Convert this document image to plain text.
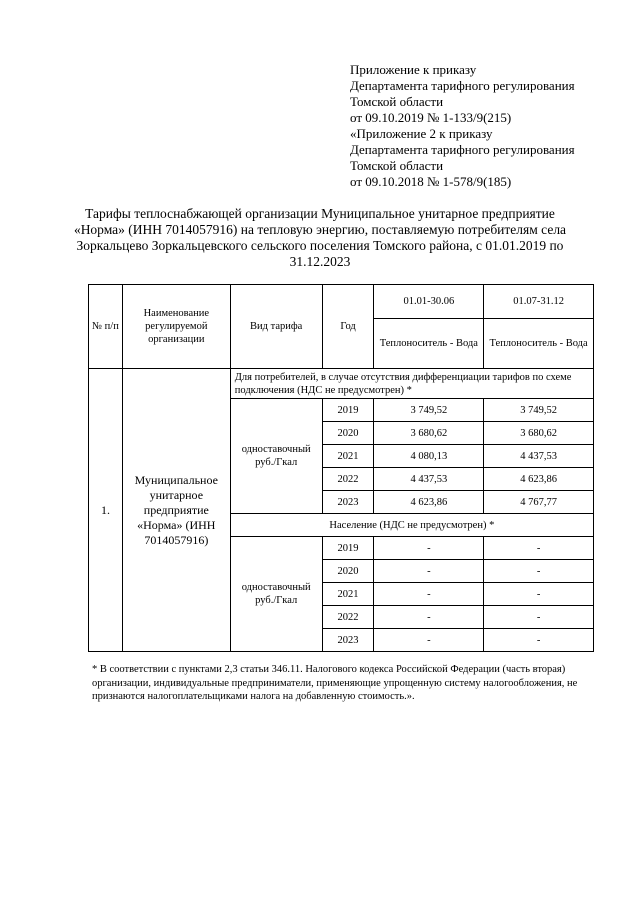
Приложение к приказу
Департамента тарифного регулирования
Томской области
от 09.10.2019 № 1-133/9(215)
«Приложение 2 к приказу
Департамента тарифного регулирования
Томской области
от 09.10.2018 № 1-578/9(185)
Тарифы теплоснабжающей организации Муниципальное унитарное предприятие «Норма» (ИНН 7014057916) на тепловую энергию, поставляемую потребителям села Зоркальцево Зоркальцевского сельского поселения Томского района, с 01.01.2019 по 31.12.2023
№ п/п	Наименование регулируемой организации	Вид тарифа	Год	01.01-30.06	01.07-31.12
				Теплоноситель - Вода	Теплоноситель - Вода
1.	Муниципальное унитарное предприятие «Норма» (ИНН 7014057916)	Для потребителей, в случае отсутствия дифференциации тарифов по схеме подключения (НДС не предусмотрен) *			
		одноставочный руб./Гкал	2019	3 749,52	3 749,52
			2020	3 680,62	3 680,62
			2021	4 080,13	4 437,53
			2022	4 437,53	4 623,86
			2023	4 623,86	4 767,77
		Население (НДС не предусмотрен) *			
		одноставочный руб./Гкал	2019	-	-
			2020	-	-
			2021	-	-
			2022	-	-
			2023	-	-
* В соответствии с пунктами 2,3 статьи 346.11. Налогового кодекса Российской Федерации (часть вторая) организации, индивидуальные предприниматели, применяющие упрощенную систему налогообложения, не признаются налогоплательщиками налога на добавленную стоимость.».
